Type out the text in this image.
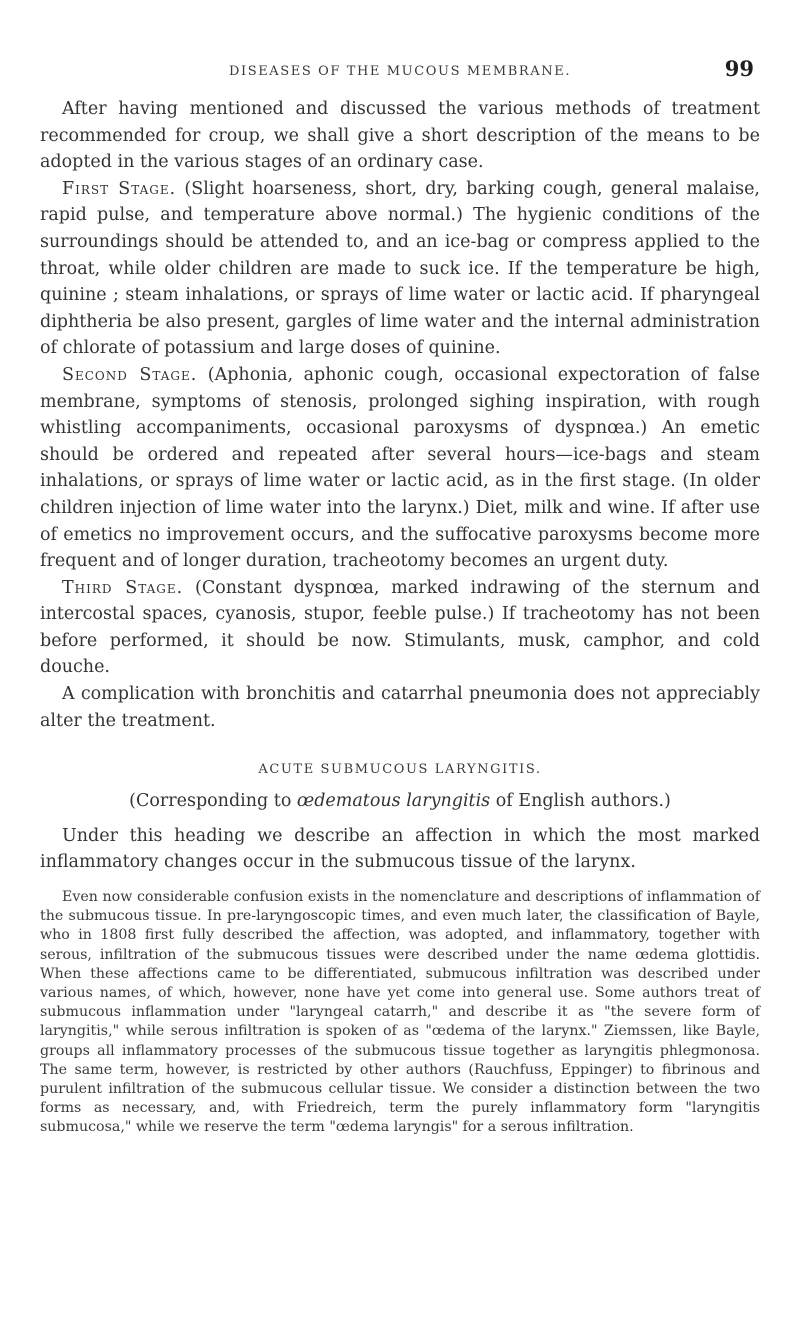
DISEASES OF THE MUCOUS MEMBRANE.	99

After having mentioned and discussed the various methods of treatment recommended for croup, we shall give a short description of the means to be adopted in the various stages of an ordinary case.

First Stage. (Slight hoarseness, short, dry, barking cough, general malaise, rapid pulse, and temperature above normal.) The hygienic conditions of the surroundings should be attended to, and an ice-bag or compress applied to the throat, while older children are made to suck ice. If the temperature be high, quinine ; steam inhalations, or sprays of lime water or lactic acid. If pharyngeal diphtheria be also present, gargles of lime water and the internal administration of chlorate of potassium and large doses of quinine.

Second Stage. (Aphonia, aphonic cough, occasional expectoration of false membrane, symptoms of stenosis, prolonged sighing inspiration, with rough whistling accompaniments, occasional paroxysms of dyspnœa.) An emetic should be ordered and repeated after several hours—ice-bags and steam inhalations, or sprays of lime water or lactic acid, as in the first stage. (In older children injection of lime water into the larynx.) Diet, milk and wine. If after use of emetics no improvement occurs, and the suffocative paroxysms become more frequent and of longer duration, tracheotomy becomes an urgent duty.

Third Stage. (Constant dyspnœa, marked indrawing of the sternum and intercostal spaces, cyanosis, stupor, feeble pulse.) If tracheotomy has not been before performed, it should be now. Stimulants, musk, camphor, and cold douche.

A complication with bronchitis and catarrhal pneumonia does not appreciably alter the treatment.

ACUTE SUBMUCOUS LARYNGITIS.

(Corresponding to œdematous laryngitis of English authors.)

Under this heading we describe an affection in which the most marked inflammatory changes occur in the submucous tissue of the larynx.

Even now considerable confusion exists in the nomenclature and descriptions of inflammation of the submucous tissue. In pre-laryngoscopic times, and even much later, the classification of Bayle, who in 1808 first fully described the affection, was adopted, and inflammatory, together with serous, infiltration of the submucous tissues were described under the name œdema glottidis. When these affections came to be differentiated, submucous infiltration was described under various names, of which, however, none have yet come into general use. Some authors treat of submucous inflammation under "laryngeal catarrh," and describe it as "the severe form of laryngitis," while serous infiltration is spoken of as "œdema of the larynx." Ziemssen, like Bayle, groups all inflammatory processes of the submucous tissue together as laryngitis phlegmonosa. The same term, however, is restricted by other authors (Rauchfuss, Eppinger) to fibrinous and purulent infiltration of the submucous cellular tissue. We consider a distinction between the two forms as necessary, and, with Friedreich, term the purely inflammatory form "laryngitis submucosa," while we reserve the term "œdema laryngis" for a serous infiltration.
